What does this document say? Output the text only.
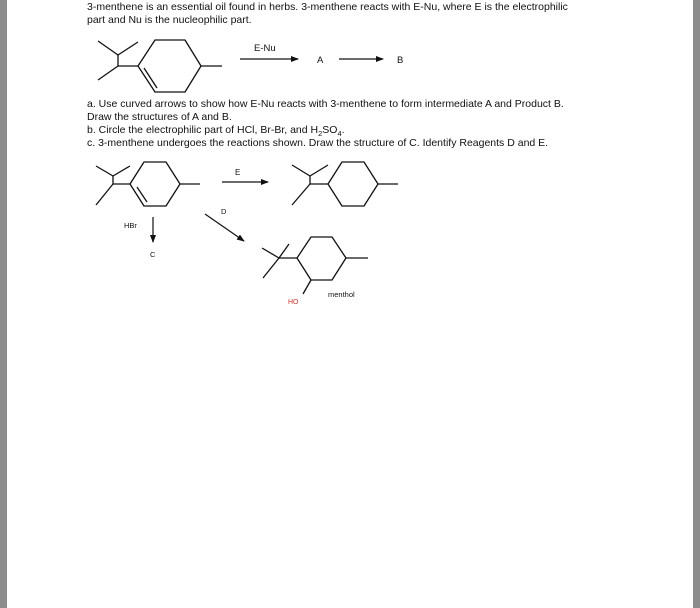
3-menthene is an essential oil found in herbs. 3-menthene reacts with E-Nu, where E is the electrophilic
part and Nu is the nucleophilic part.
a. Use curved arrows to show how E-Nu reacts with 3-menthene to form intermediate A and Product B.
Draw the structures of A and B.
b. Circle the electrophilic part of HCl, Br-Br, and $H_2SO_4$.
c. 3-menthene undergoes the reactions shown. Draw the structure of C. Identify Reagents D and E.
E-Nu
A	B
E
HBr
C
D
HO
menthol
